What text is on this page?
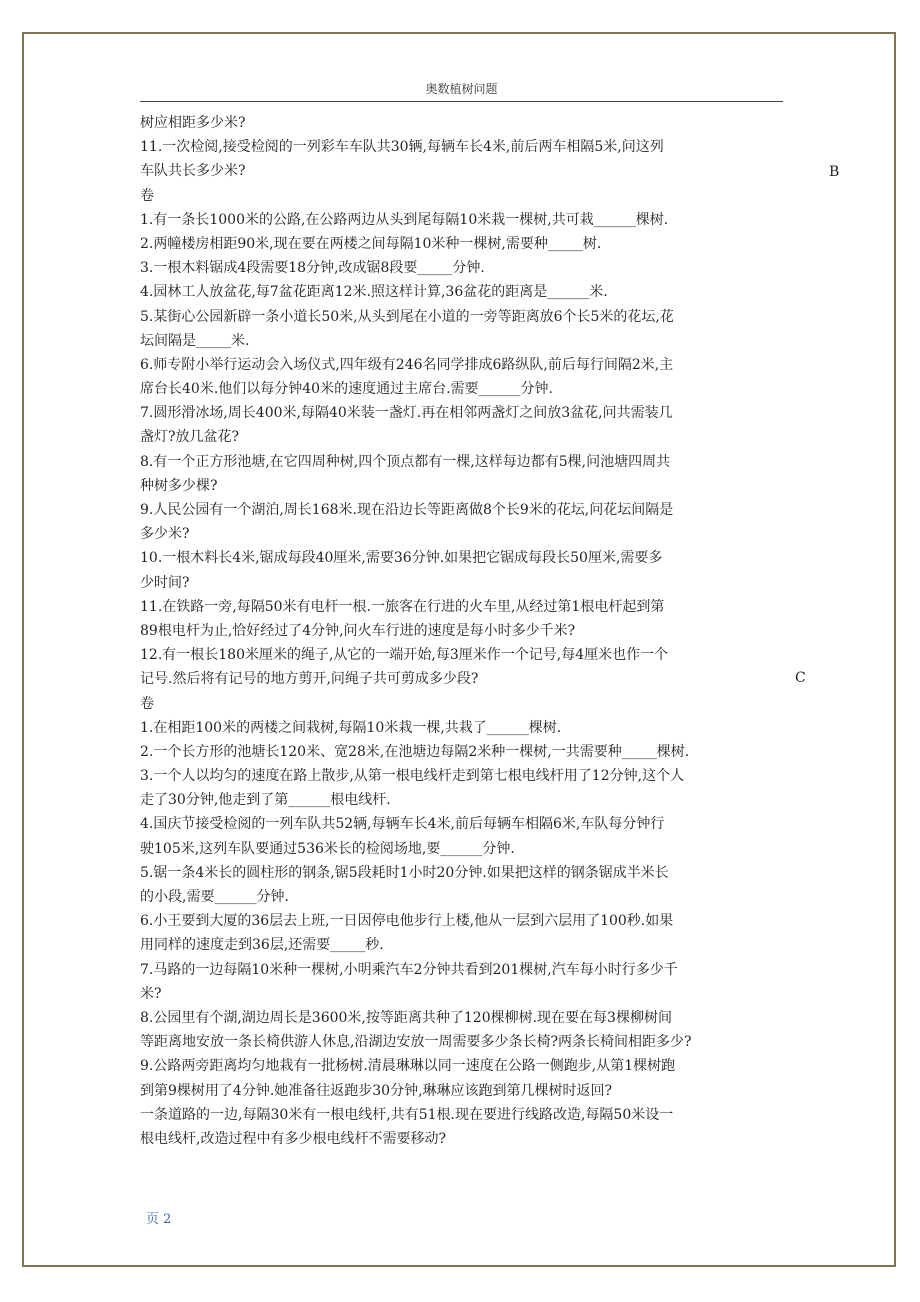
奥数植树问题
树应相距多少米?
11.一次检阅,接受检阅的一列彩车车队共30辆,每辆车长4米,前后两车相隔5米,问这列
车队共长多少米?
卷
1.有一条长1000米的公路,在公路两边从头到尾每隔10米栽一棵树,共可栽______棵树.
2.两幢楼房相距90米,现在要在两楼之间每隔10米种一棵树,需要种_____树.
3.一根木料锯成4段需要18分钟,改成锯8段要_____分钟.
4.园林工人放盆花,每7盆花距离12米.照这样计算,36盆花的距离是______米.
5.某街心公园新辟一条小道长50米,从头到尾在小道的一旁等距离放6个长5米的花坛,花
坛间隔是_____米.
6.师专附小举行运动会入场仪式,四年级有246名同学排成6路纵队,前后每行间隔2米,主
席台长40米.他们以每分钟40米的速度通过主席台.需要______分钟.
7.圆形滑冰场,周长400米,每隔40米装一盏灯.再在相邻两盏灯之间放3盆花,问共需装几
盏灯?放几盆花?
8.有一个正方形池塘,在它四周种树,四个顶点都有一棵,这样每边都有5棵,问池塘四周共
种树多少棵?
9.人民公园有一个湖泊,周长168米.现在沿边长等距离做8个长9米的花坛,问花坛间隔是
多少米?
10.一根木料长4米,锯成每段40厘米,需要36分钟.如果把它锯成每段长50厘米,需要多
少时间?
11.在铁路一旁,每隔50米有电杆一根.一旅客在行进的火车里,从经过第1根电杆起到第
89根电杆为止,恰好经过了4分钟,问火车行进的速度是每小时多少千米?
12.有一根长180米厘米的绳子,从它的一端开始,每3厘米作一个记号,每4厘米也作一个
记号.然后将有记号的地方剪开,问绳子共可剪成多少段?
卷
1.在相距100米的两楼之间栽树,每隔10米栽一棵,共栽了______棵树.
2.一个长方形的池塘长120米、宽28米,在池塘边每隔2米种一棵树,一共需要种_____棵树.
3.一个人以均匀的速度在路上散步,从第一根电线杆走到第七根电线杆用了12分钟,这个人
走了30分钟,他走到了第______根电线杆.
4.国庆节接受检阅的一列车队共52辆,每辆车长4米,前后每辆车相隔6米,车队每分钟行
驶105米,这列车队要通过536米长的检阅场地,要______分钟.
5.锯一条4米长的圆柱形的钢条,锯5段耗时1小时20分钟.如果把这样的钢条锯成半米长
的小段,需要______分钟.
6.小王要到大厦的36层去上班,一日因停电他步行上楼,他从一层到六层用了100秒.如果
用同样的速度走到36层,还需要_____秒.
7.马路的一边每隔10米种一棵树,小明乘汽车2分钟共看到201棵树,汽车每小时行多少千
米?
8.公园里有个湖,湖边周长是3600米,按等距离共种了120棵柳树.现在要在每3棵柳树间
等距离地安放一条长椅供游人休息,沿湖边安放一周需要多少条长椅?两条长椅间相距多少?
9.公路两旁距离均匀地栽有一批杨树.清晨琳琳以同一速度在公路一侧跑步,从第1棵树跑
到第9棵树用了4分钟.她准备往返跑步30分钟,琳琳应该跑到第几棵树时返回?
一条道路的一边,每隔30米有一根电线杆,共有51根.现在要进行线路改造,每隔50米设一
根电线杆,改造过程中有多少根电线杆不需要移动?
B
C
页 2
